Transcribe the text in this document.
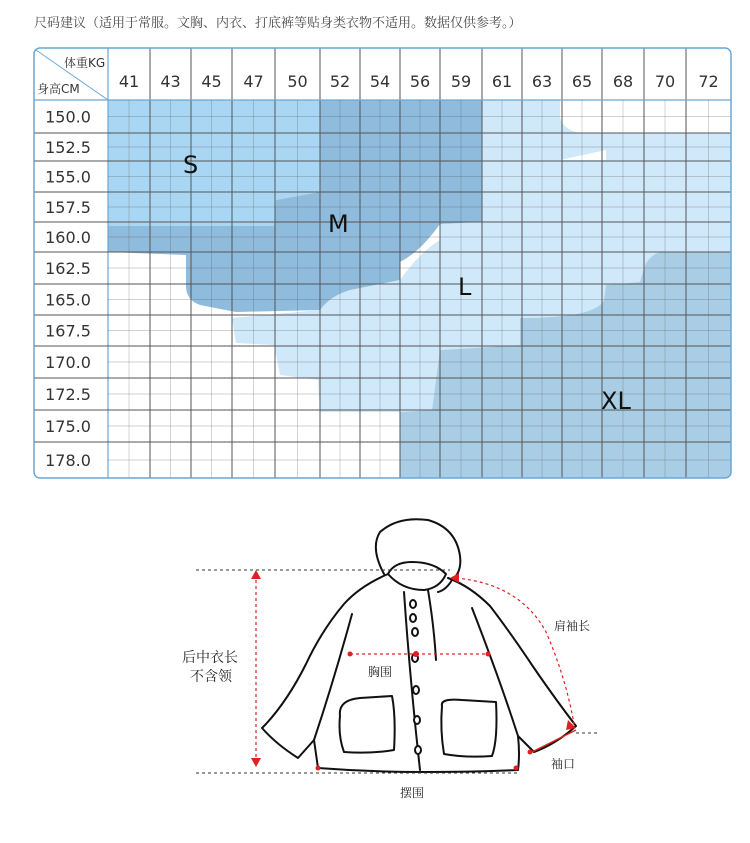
尺码建议（适用于常服。文胸、内衣、打底裤等贴身类衣物不适用。数据仅供参考。）
41 43 45 47 50 52 54 56 59 61 63 65 68 70 72
150.0
152.5
155.0
157.5
160.0
162.5
165.0
167.5
170.0
172.5
175.0
178.0
体重KG
身高CM
S
M
L
XL
肩袖长
胸围
后中衣长
不含领
袖口
摆围
